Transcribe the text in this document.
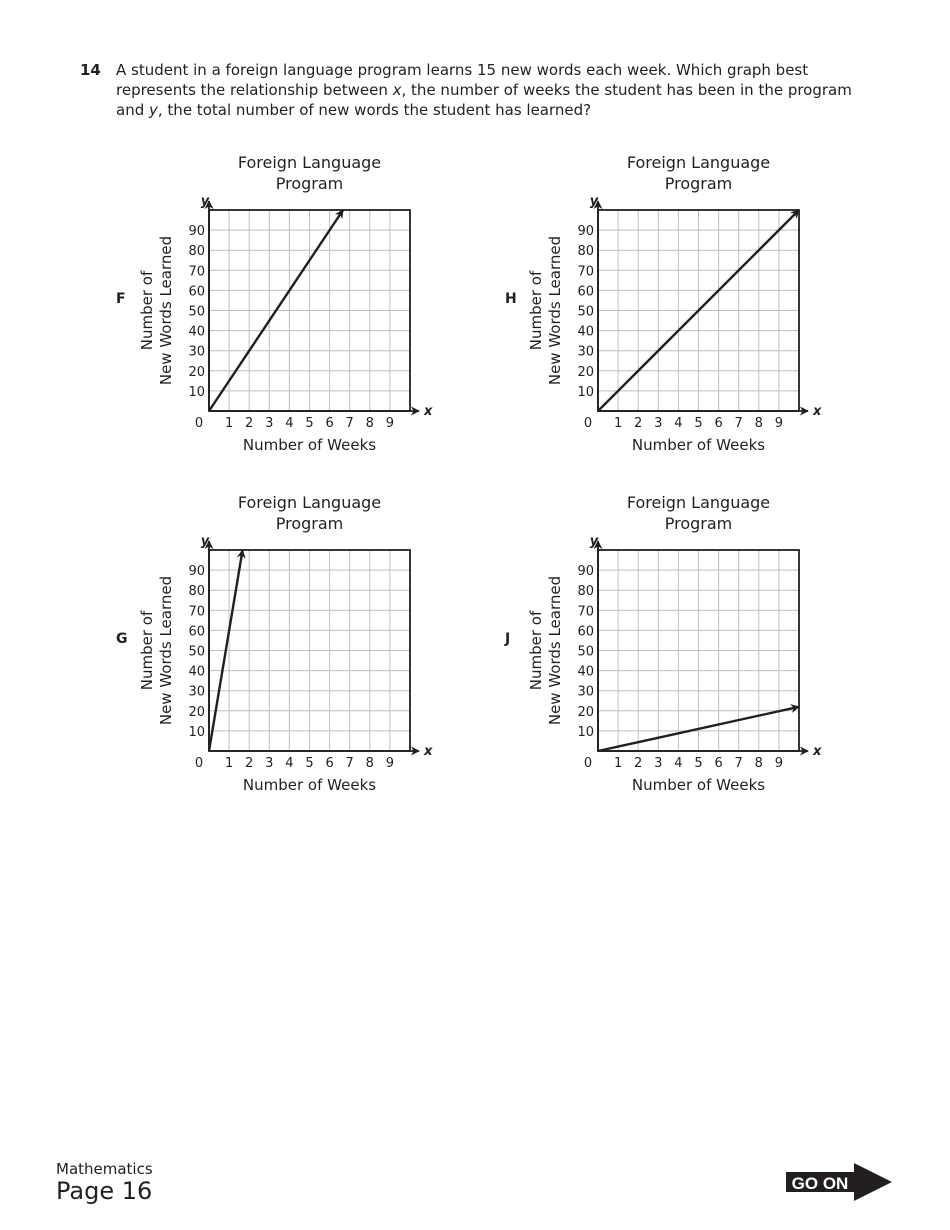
14 A student in a foreign language program learns 15 new words each week. Which graph best represents the relationship between x, the number of weeks the student has been in the program and y, the total number of new words the student has learned?

F	H
G	J
x
y
Foreign Language
Program
0 1 2 3 4 5 6 7 8 9
10
20
30
40
50
60
70
80
90
Number of Weeks
Number of New Words Learned
x
y
Foreign Language
Program
0 1 2 3 4 5 6 7 8 9
10
20
30
40
50
60
70
80
90
Number of Weeks
Number of New Words Learned
x
y
Foreign Language
Program
0 1 2 3 4 5 6 7 8 9
10
20
30
40
50
60
70
80
90
Number of Weeks
Number of New Words Learned
x
y
Foreign Language
Program
0 1 2 3 4 5 6 7 8 9
10
20
30
40
50
60
70
80
90
Number of Weeks
Number of New Words Learned
Mathematics
Page 16	GO ON
